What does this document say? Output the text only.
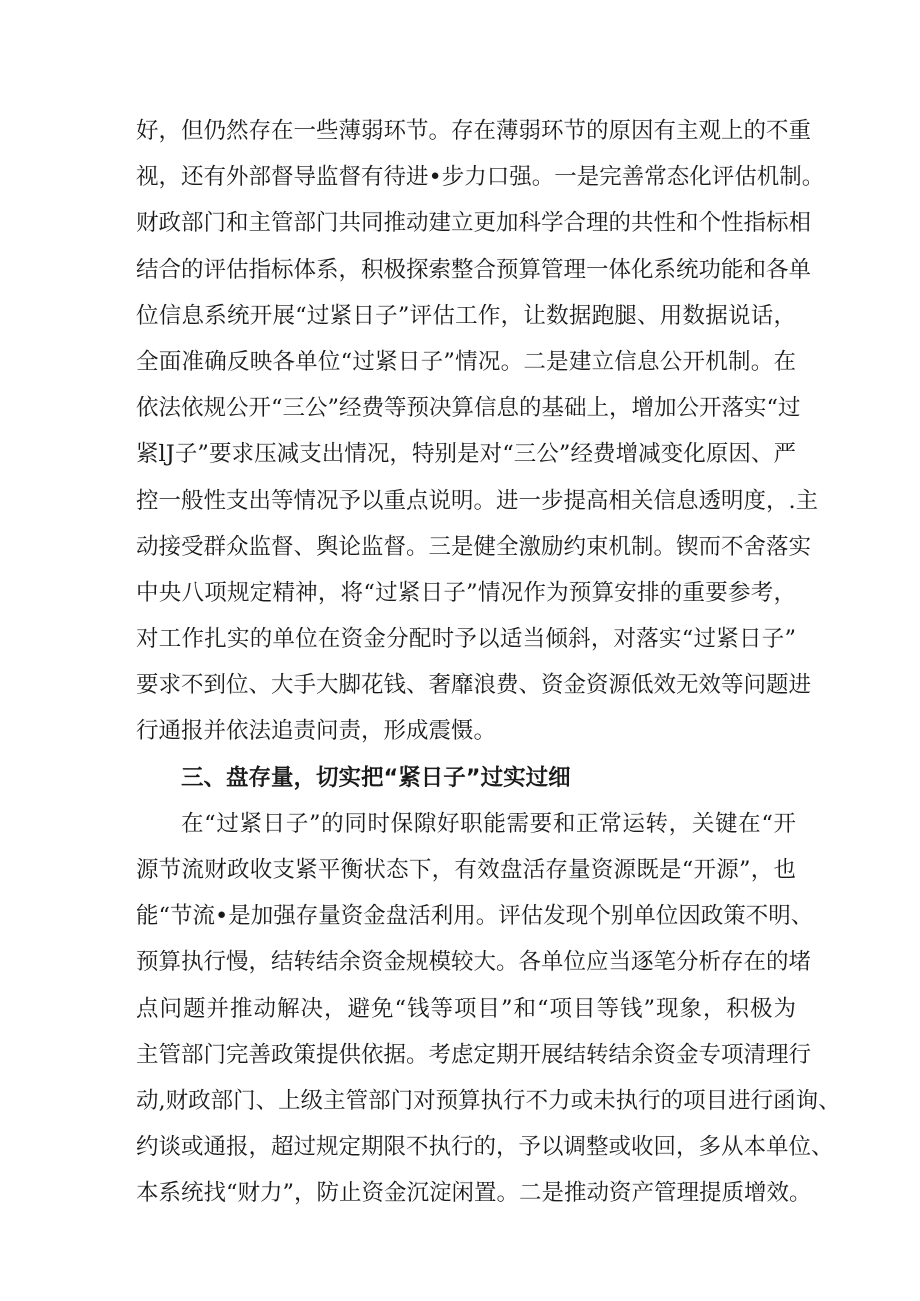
好，但仍然存在一些薄弱环节。存在薄弱环节的原因有主观上的不重
视，还有外部督导监督有待进•步力口强。一是完善常态化评估机制。
财政部门和主管部门共同推动建立更加科学合理的共性和个性指标相
结合的评估指标体系，积极探索整合预算管理一体化系统功能和各单
位信息系统开展“过紧日子”评估工作，让数据跑腿、用数据说话，
全面准确反映各单位“过紧日子”情况。二是建立信息公开机制。在
依法依规公开“三公”经费等预决算信息的基础上，增加公开落实“过
紧lJ子”要求压减支出情况，特别是对“三公”经费增减变化原因、严
控一般性支出等情况予以重点说明。进一步提高相关信息透明度，.主
动接受群众监督、舆论监督。三是健全激励约束机制。锲而不舍落实
中央八项规定精神，将“过紧日子”情况作为预算安排的重要参考，
对工作扎实的单位在资金分配时予以适当倾斜，对落实“过紧日子”
要求不到位、大手大脚花钱、奢靡浪费、资金资源低效无效等问题进
行通报并依法追责问责，形成震慑。
三、盘存量，切实把“紧日子”过实过细
在“过紧日子”的同时保隙好职能需要和正常运转，关键在“开
源节流财政收支紧平衡状态下，有效盘活存量资源既是“开源”，也
能“节流•是加强存量资金盘活利用。评估发现个别单位因政策不明、
预算执行慢，结转结余资金规模较大。各单位应当逐笔分析存在的堵
点问题并推动解决，避免“钱等项目”和“项目等钱”现象，积极为
主管部门完善政策提供依据。考虑定期开展结转结余资金专项清理行
动,财政部门、上级主管部门对预算执行不力或未执行的项目进行函询、
约谈或通报，超过规定期限不执行的，予以调整或收回，多从本单位、
本系统找“财力”，防止资金沉淀闲置。二是推动资产管理提质增效。
